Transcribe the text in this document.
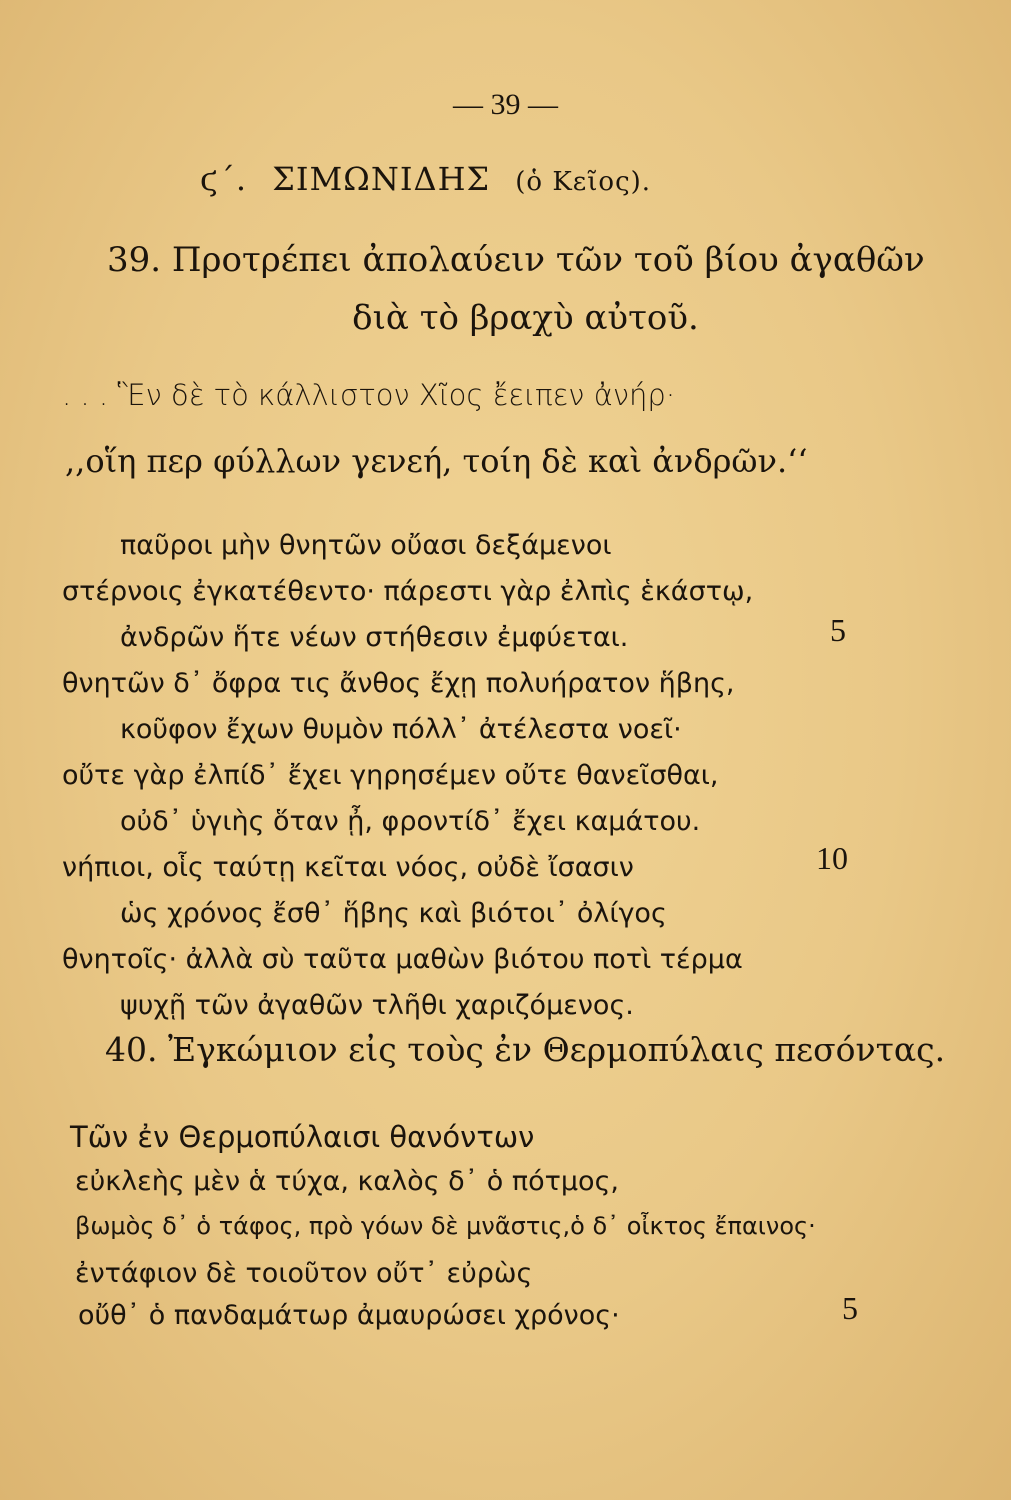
— 39 —
ϛ΄. ΣΙΜΩΝΙΔΗΣ (ὁ Κεῖος).
39. Προτρέπει ἀπολαύειν τῶν τοῦ βίου ἀγαθῶν
διὰ τὸ βραχὺ αὐτοῦ.
. . . Ἓν δὲ τὸ κάλλιστον Χῖος ἔειπεν ἀνήρ·
,,οἵη περ φύλλων γενεή, τοίη δὲ καὶ ἀνδρῶν.‘‘
παῦροι μὴν θνητῶν οὔασι δεξάμενοι
στέρνοις ἐγκατέθεντο· πάρεστι γὰρ ἐλπὶς ἑκάστῳ,
ἀνδρῶν ἥτε νέων στήθεσιν ἐμφύεται.
θνητῶν δ᾽ ὄφρα τις ἄνθος ἔχῃ πολυήρατον ἥβης,
κοῦφον ἔχων θυμὸν πόλλ᾽ ἀτέλεστα νοεῖ·
οὔτε γὰρ ἐλπίδ᾽ ἔχει γηρησέμεν οὔτε θανεῖσθαι,
οὐδ᾽ ὑγιὴς ὅταν ᾖ, φροντίδ᾽ ἔχει καμάτου.
νήπιοι, οἷς ταύτῃ κεῖται νόος, οὐδὲ ἴσασιν
ὡς χρόνος ἔσθ᾽ ἥβης καὶ βιότοι᾽ ὀλίγος
θνητοῖς· ἀλλὰ σὺ ταῦτα μαθὼν βιότου ποτὶ τέρμα
ψυχῇ τῶν ἀγαθῶν τλῆθι χαριζόμενος.
5
10
40. Ἐγκώμιον εἰς τοὺς ἐν Θερμοπύλαις πεσόντας.
Τῶν ἐν Θερμοπύλαισι θανόντων
εὐκλεὴς μὲν ἁ τύχα, καλὸς δ᾽ ὁ πότμος,
βωμὸς δ᾽ ὁ τάφος, πρὸ γόων δὲ μνᾶστις,ὁ δ᾽ οἶκτος ἔπαινος·
ἐντάφιον δὲ τοιοῦτον οὔτ᾽ εὐρὼς
οὔθ᾽ ὁ πανδαμάτωρ ἀμαυρώσει χρόνος·	5
